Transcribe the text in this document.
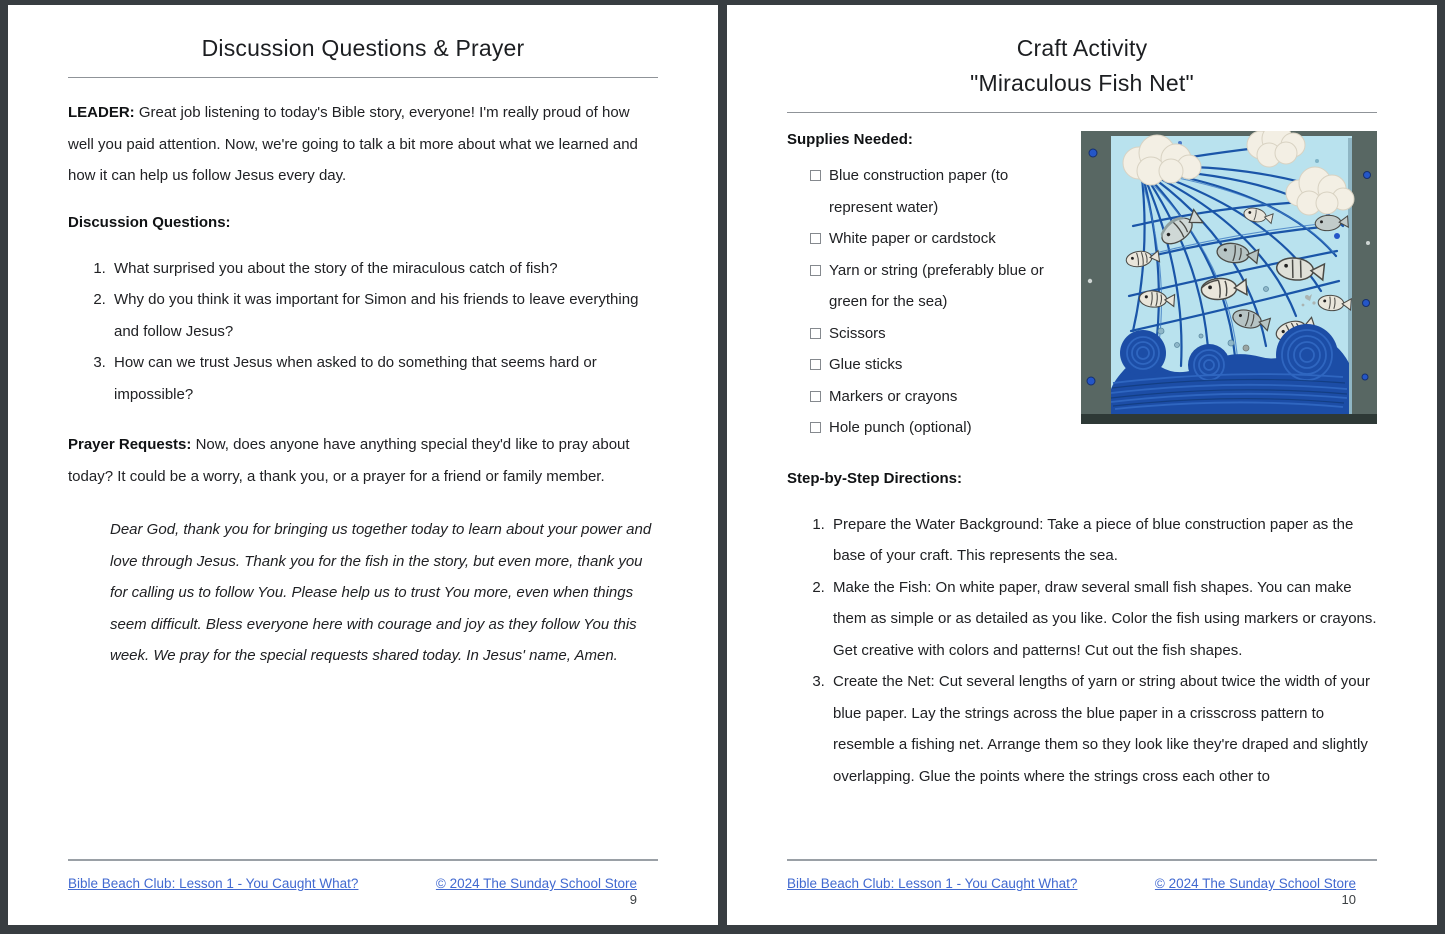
Discussion Questions & Prayer

LEADER: Great job listening to today's Bible story, everyone! I'm really proud of how well you paid attention. Now, we're going to talk a bit more about what we learned and how it can help us follow Jesus every day.

Discussion Questions:
1. What surprised you about the story of the miraculous catch of fish?
2. Why do you think it was important for Simon and his friends to leave everything and follow Jesus?
3. How can we trust Jesus when asked to do something that seems hard or impossible?

Prayer Requests: Now, does anyone have anything special they'd like to pray about today? It could be a worry, a thank you, or a prayer for a friend or family member.

Dear God, thank you for bringing us together today to learn about your power and love through Jesus. Thank you for the fish in the story, but even more, thank you for calling us to follow You. Please help us to trust You more, even when things seem difficult. Bless everyone here with courage and joy as they follow You this week. We pray for the special requests shared today. In Jesus' name, Amen.
Bible Beach Club: Lesson 1 - You Caught What?	© 2024 The Sunday School Store
9
Craft Activity
"Miraculous Fish Net"
Supplies Needed:
Blue construction paper (to represent water)
White paper or cardstock
Yarn or string (preferably blue or green for the sea)
Scissors
Glue sticks
Markers or crayons
Hole punch (optional)
Step-by-Step Directions:
1. Prepare the Water Background: Take a piece of blue construction paper as the base of your craft. This represents the sea.
2. Make the Fish: On white paper, draw several small fish shapes. You can make them as simple or as detailed as you like. Color the fish using markers or crayons. Get creative with colors and patterns! Cut out the fish shapes.
3. Create the Net: Cut several lengths of yarn or string about twice the width of your blue paper. Lay the strings across the blue paper in a crisscross pattern to resemble a fishing net. Arrange them so they look like they're draped and slightly overlapping. Glue the points where the strings cross each other to
Bible Beach Club: Lesson 1 - You Caught What?	© 2024 The Sunday School Store
10
